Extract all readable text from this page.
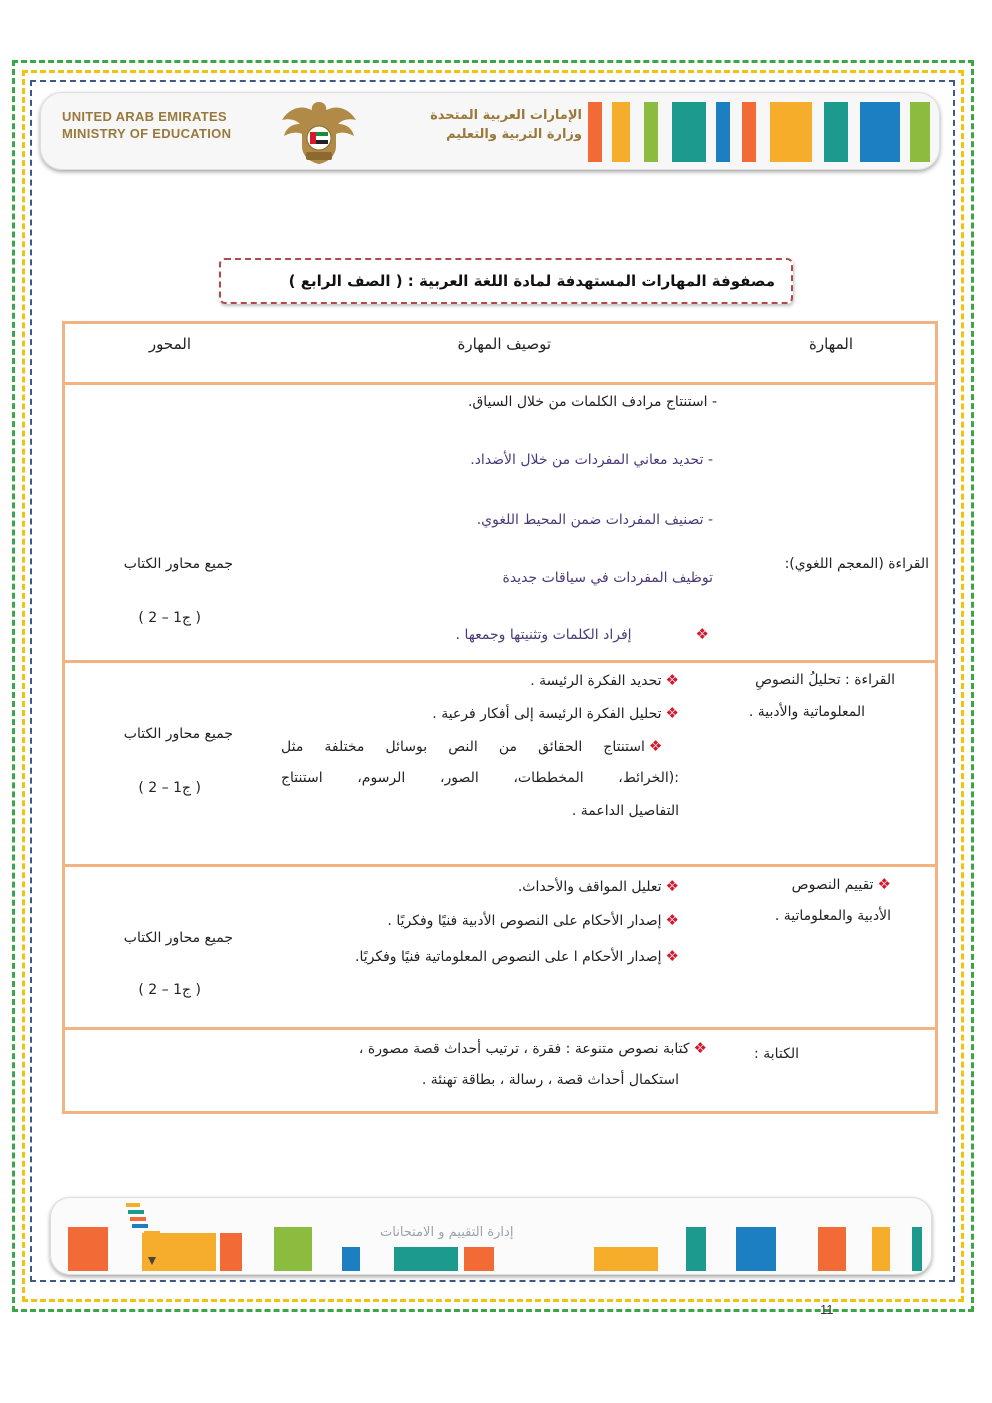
UNITED ARAB EMIRATES
MINISTRY OF EDUCATION
الإمارات العربية المتحدة
وزارة التربية والتعليم
مصفوفة المهارات المستهدفة لمادة اللغة العربية : ( الصف الرابع )
المهارة
توصيف المهارة
المحور
القراءة (المعجم اللغوي):
- استنتاج مرادف الكلمات من خلال السياق.
- تحديد معاني المفردات من خلال الأضداد.
- تصنيف المفردات ضمن المحيط اللغوي.
توظيف المفردات في سياقات جديدة
❖إفراد الكلمات وتثنيتها وجمعها .
جميع محاور الكتاب
( ج1 – 2 )
القراءة : تحليلُ النصوصِ
المعلوماتية والأدبية .
❖تحديد الفكرة الرئيسة .
❖تحليل الفكرة الرئيسة إلى أفكار فرعية .
❖استنتاج الحقائق من النص بوسائل مختلفة مثل
:(الخرائط، المخططات، الصور، الرسوم، استنتاج
التفاصيل الداعمة .
جميع محاور الكتاب
( ج1 – 2 )
❖تقييم النصوص
الأدبية والمعلوماتية .
❖تعليل المواقف والأحداث.
❖إصدار الأحكام على النصوص الأدبية فنيًا وفكريًا .
❖إصدار الأحكام ا على النصوص المعلوماتية فنيًا وفكريًا.
جميع محاور الكتاب
( ج1 – 2 )
الكتابة :
❖كتابة نصوص متنوعة : فقرة ، ترتيب أحداث قصة مصورة ،
استكمال أحداث قصة ، رسالة ، بطاقة تهنئة .
إدارة التقييم و الامتحانات
11
